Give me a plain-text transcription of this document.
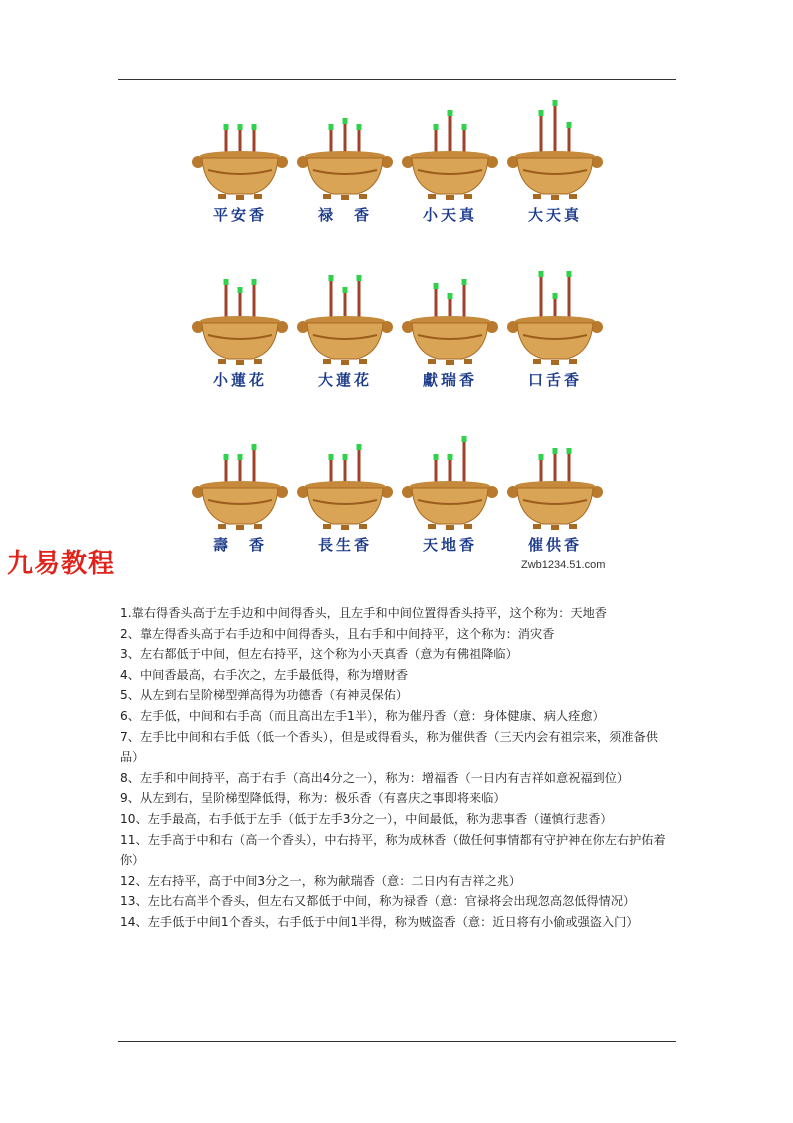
平安香	禄　香	小天真	大天真
小蓮花	大蓮花	獻瑞香	口舌香
壽　香	長生香	天地香	催供香
Zwb1234.51.com
九易教程

1.靠右得香头高于左手边和中间得香头，且左手和中间位置得香头持平，这个称为：天地香

2、靠左得香头高于右手边和中间得香头，且右手和中间持平，这个称为：消灾香

3、左右都低于中间，但左右持平，这个称为小天真香（意为有佛祖降临）

4、中间香最高，右手次之，左手最低得，称为增财香

5、从左到右呈阶梯型弹高得为功德香（有神灵保佑）

6、左手低，中间和右手高（而且高出左手1半），称为催丹香（意：身体健康、病人痊愈）

7、左手比中间和右手低（低一个香头），但是或得看头，称为催供香（三天内会有祖宗来，须准备供品）

8、左手和中间持平，高于右手（高出4分之一），称为：增福香（一日内有吉祥如意祝福到位）

9、从左到右，呈阶梯型降低得，称为：极乐香（有喜庆之事即将来临）

10、左手最高，右手低于左手（低于左手3分之一），中间最低，称为悲事香（谨慎行悲香）

11、左手高于中和右（高一个香头），中右持平，称为成林香（做任何事情都有守护神在你左右护佑着你）

12、左右持平，高于中间3分之一，称为献瑞香（意：二日内有吉祥之兆）

13、左比右高半个香头，但左右又都低于中间，称为禄香（意：官禄将会出现忽高忽低得情况）

14、左手低于中间1个香头，右手低于中间1半得，称为贼盗香（意：近日将有小偷或强盗入门）
